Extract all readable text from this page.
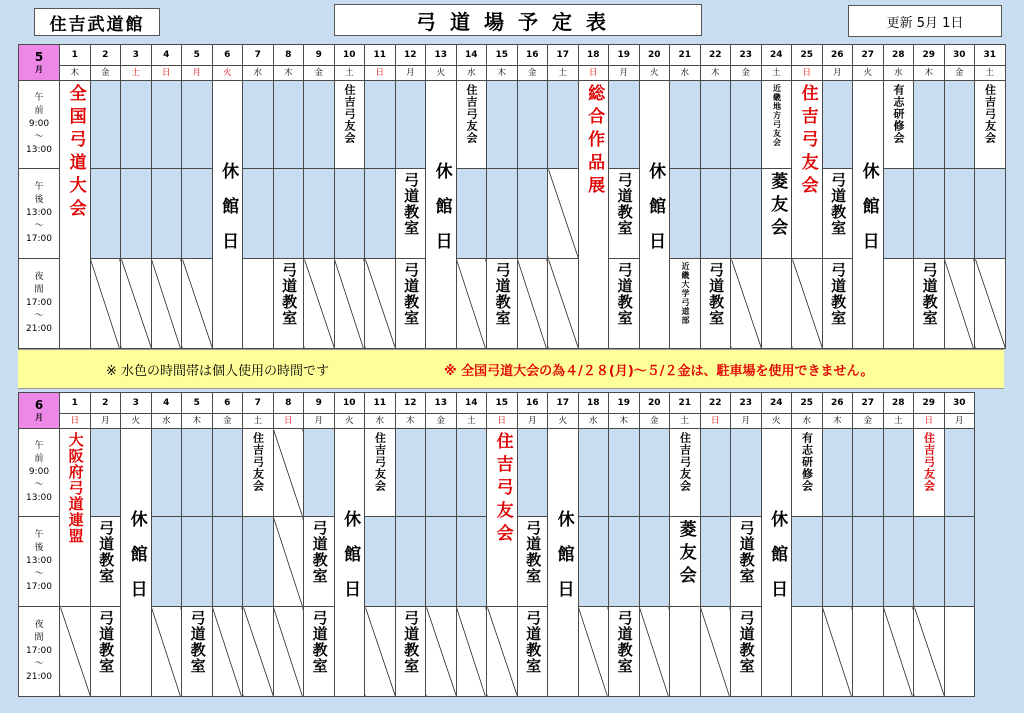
住吉武道館	弓道場予定表	更新 5月 1日
5
月	1	2	3	4	5	6	7	8	9	10	11	12	13	14	15	16	17	18	19	20	21	22	23	24	25	26	27	28	29	30	31
	木	金	土	日	月	火	水	木	金	土	日	月	火	水	木	金	土	日	月	火	水	木	金	土	日	月	火	水	木	金	土

午
前
9:00
～
13:00	全国弓道大会					休館日				住吉弓友会			休館日	住吉弓友会				総合作品展		休館日				近畿地方弓友会	住吉弓友会		休館日	有志研修会			住吉弓友会

午
後
13:00
～
17:00												弓道教室							弓道教室					菱友会		弓道教室					

夜
間
17:00
～
21:00								弓道教室				弓道教室			弓道教室				弓道教室		近畿大学弓道部	弓道教室				弓道教室			弓道教室		

※ 水色の時間帯は個人使用の時間です	※ 全国弓道大会の為４/２８(月)～５/２金は、駐車場を使用できません。
6
月	1	2	3	4	5	6	7	8	9	10	11	12	13	14	15	16	17	18	19	20	21	22	23	24	25	26	27	28	29	30
	日	月	火	水	木	金	土	日	月	火	水	木	金	土	日	月	火	水	木	金	土	日	月	火	水	木	金	土	日	月

午
前
9:00
～
13:00	大阪府弓道連盟		休館日				住吉弓友会			休館日	住吉弓友会				住吉弓友会		休館日				住吉弓友会			休館日	有志研修会				住吉弓友会	

午
後
13:00
～
17:00		弓道教室							弓道教室							弓道教室					菱友会		弓道教室							

夜
間
17:00
～
21:00		弓道教室			弓道教室				弓道教室			弓道教室				弓道教室			弓道教室				弓道教室							
